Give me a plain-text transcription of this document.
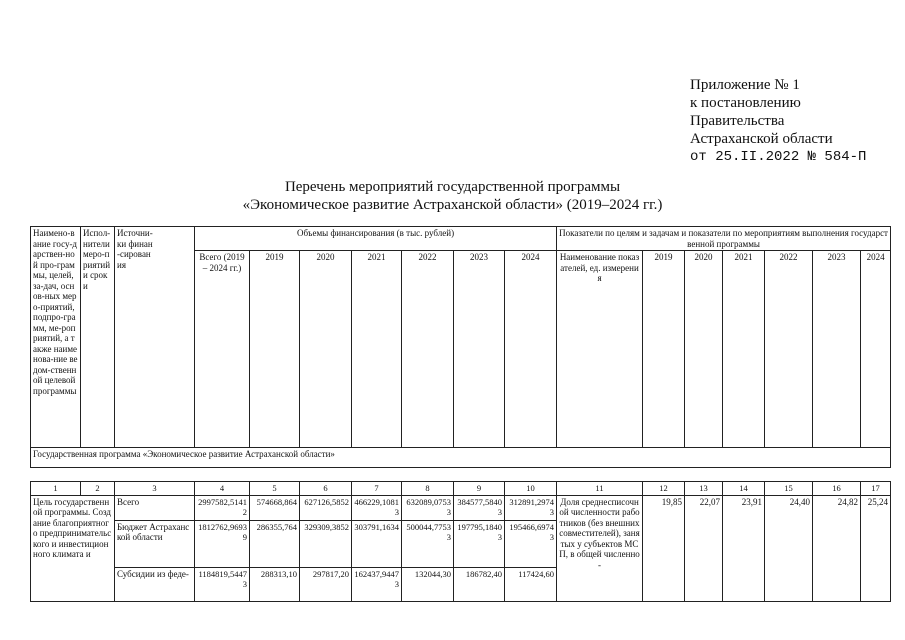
Приложение № 1
к постановлению
Правительства
Астраханской области
от 25.II.2022 № 584-П
Перечень мероприятий государственной программы
«Экономическое развитие Астраханской области» (2019–2024 гг.)
Наимено-вание госу-дарствен-ной про-граммы, целей, за-дач, основ-ных меро-приятий, подпро-грамм, ме-роприятий, а также наименова-ние ведом-ственной целевой программы	Испол-нители меро-приятий и сроки	Источни-ки финан-сирования	Объемы финансирования (в тыс. рублей)							Показатели по целям и задачам и показатели по мероприятиям выполнения государственной программы						
			Всего (2019 – 2024 гг.)	2019	2020	2021	2022	2023	2024	Наименование показателей, ед. измерения	2019	2020	2021	2022	2023	2024
Государственная программа «Экономическое развитие Астраханской области»																
1	2	3	4	5	6	7	8	9	10	11	12	13	14	15	16	17
Цель государственной программы. Создание благоприятного предпринимательского и инвестиционного климата и		Всего	2997582,51412	574668,864	627126,5852	466229,10813	632089,07533	384577,58403	312891,29743	Доля среднесписочной численности работников (без внешних совместителей), занятых у субъектов МСП, в общей численно-	19,85	22,07	23,91	24,40	24,82	25,24
		Бюджет Астраханской области	1812762,96939	286355,764	329309,3852	303791,1634	500044,77533	197795,18403	195466,69743							
		Субсидии из феде-	1184819,54473	288313,10	297817,20	162437,94473	132044,30	186782,40	117424,60							
